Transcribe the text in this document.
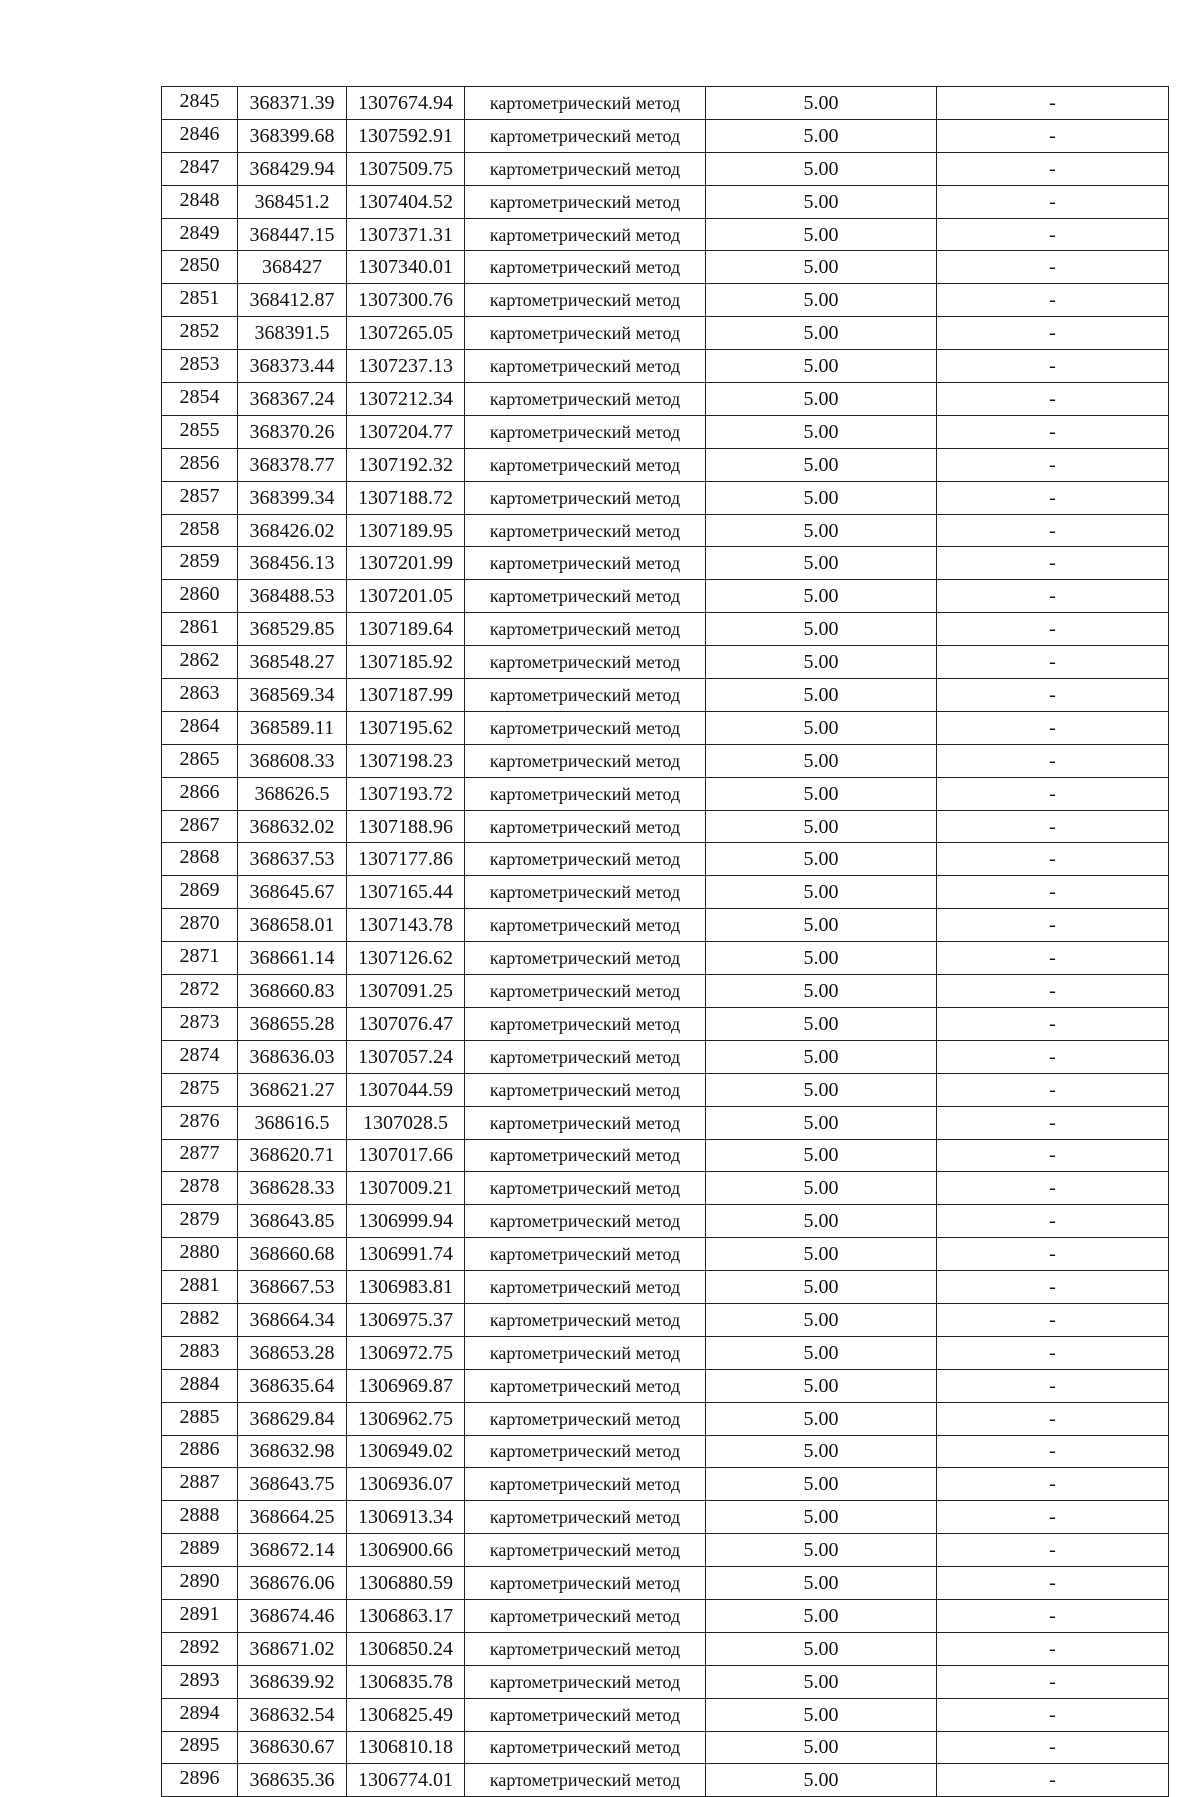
2845	368371.39	1307674.94	картометрический метод	5.00	-
2846	368399.68	1307592.91	картометрический метод	5.00	-
2847	368429.94	1307509.75	картометрический метод	5.00	-
2848	368451.2	1307404.52	картометрический метод	5.00	-
2849	368447.15	1307371.31	картометрический метод	5.00	-
2850	368427	1307340.01	картометрический метод	5.00	-
2851	368412.87	1307300.76	картометрический метод	5.00	-
2852	368391.5	1307265.05	картометрический метод	5.00	-
2853	368373.44	1307237.13	картометрический метод	5.00	-
2854	368367.24	1307212.34	картометрический метод	5.00	-
2855	368370.26	1307204.77	картометрический метод	5.00	-
2856	368378.77	1307192.32	картометрический метод	5.00	-
2857	368399.34	1307188.72	картометрический метод	5.00	-
2858	368426.02	1307189.95	картометрический метод	5.00	-
2859	368456.13	1307201.99	картометрический метод	5.00	-
2860	368488.53	1307201.05	картометрический метод	5.00	-
2861	368529.85	1307189.64	картометрический метод	5.00	-
2862	368548.27	1307185.92	картометрический метод	5.00	-
2863	368569.34	1307187.99	картометрический метод	5.00	-
2864	368589.11	1307195.62	картометрический метод	5.00	-
2865	368608.33	1307198.23	картометрический метод	5.00	-
2866	368626.5	1307193.72	картометрический метод	5.00	-
2867	368632.02	1307188.96	картометрический метод	5.00	-
2868	368637.53	1307177.86	картометрический метод	5.00	-
2869	368645.67	1307165.44	картометрический метод	5.00	-
2870	368658.01	1307143.78	картометрический метод	5.00	-
2871	368661.14	1307126.62	картометрический метод	5.00	-
2872	368660.83	1307091.25	картометрический метод	5.00	-
2873	368655.28	1307076.47	картометрический метод	5.00	-
2874	368636.03	1307057.24	картометрический метод	5.00	-
2875	368621.27	1307044.59	картометрический метод	5.00	-
2876	368616.5	1307028.5	картометрический метод	5.00	-
2877	368620.71	1307017.66	картометрический метод	5.00	-
2878	368628.33	1307009.21	картометрический метод	5.00	-
2879	368643.85	1306999.94	картометрический метод	5.00	-
2880	368660.68	1306991.74	картометрический метод	5.00	-
2881	368667.53	1306983.81	картометрический метод	5.00	-
2882	368664.34	1306975.37	картометрический метод	5.00	-
2883	368653.28	1306972.75	картометрический метод	5.00	-
2884	368635.64	1306969.87	картометрический метод	5.00	-
2885	368629.84	1306962.75	картометрический метод	5.00	-
2886	368632.98	1306949.02	картометрический метод	5.00	-
2887	368643.75	1306936.07	картометрический метод	5.00	-
2888	368664.25	1306913.34	картометрический метод	5.00	-
2889	368672.14	1306900.66	картометрический метод	5.00	-
2890	368676.06	1306880.59	картометрический метод	5.00	-
2891	368674.46	1306863.17	картометрический метод	5.00	-
2892	368671.02	1306850.24	картометрический метод	5.00	-
2893	368639.92	1306835.78	картометрический метод	5.00	-
2894	368632.54	1306825.49	картометрический метод	5.00	-
2895	368630.67	1306810.18	картометрический метод	5.00	-
2896	368635.36	1306774.01	картометрический метод	5.00	-
